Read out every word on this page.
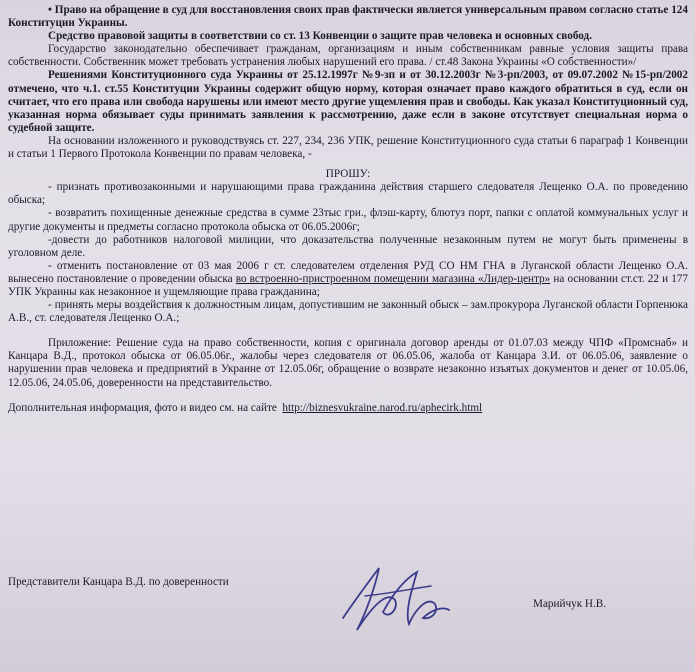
• Право на обращение в суд для восстановления своих прав фактически является универсальным правом согласно статье 124 Конституции Украины.

Средство правовой защиты в соответствии со ст. 13 Конвенции о защите прав человека и основных свобод.

Государство законодательно обеспечивает гражданам, организациям и иным собственникам равные условия защиты права собственности. Собственник может требовать устранения любых нарушений его права. / ст.48 Закона Украины «О собственности»/

Решениями Конституционного суда Украины от 25.12.1997г №9-зп и от 30.12.2003г №3-рп/2003, от 09.07.2002 №15-рп/2002 отмечено, что ч.1. ст.55 Конституции Украины содержит общую норму, которая означает право каждого обратиться в суд, если он считает, что его права или свобода нарушены или имеют место другие ущемления прав и свободы. Как указал Конституционный суд, указанная норма обязывает суды принимать заявления к рассмотрению, даже если в законе отсутствует специальная норма о судебной защите.

На основании изложенного и руководствуясь ст. 227, 234, 236 УПК, решение Конституционного суда статьи 6 параграф 1 Конвенции и статьи 1 Первого Протокола Конвенции по правам человека, -

ПРОШУ:

- признать противозаконными и нарушающими права гражданина действия старшего следователя Лещенко О.А. по проведению обыска;

- возвратить похищенные денежные средства в сумме 23тыс гри., флэш-карту, блютуз порт, папки с оплатой коммунальных услуг и другие документы и предметы согласно протокола обыска от 06.05.2006г;

-довести до работников налоговой милиции, что доказательства полученные незаконным путем не могут быть применены в уголовном деле.

- отменить постановление от 03 мая 2006 г ст. следователем отделения РУД СО НМ ГНА в Луганской области Лещенко О.А. вынесено постановление о проведении обыска во встроенно-пристроенном помещении магазина «Лидер-центр» на основании ст.ст. 22 и 177 УПК Украины как незаконное и ущемляющие права гражданина;

- принять меры воздействия к должностным лицам, допустившим не законный обыск – зам.прокурора Луганской области Горпенюка А.В., ст. следователя Лещенко О.А.;

Приложение: Решение суда на право собственности, копия с оригинала договор аренды от 01.07.03 между ЧПФ «Промснаб» и Канцара В.Д., протокол обыска от 06.05.06г., жалобы через следователя от 06.05.06, жалоба от Канцара З.И. от 06.05.06, заявление о нарушении прав человека и предприятий в Украине от 12.05.06г, обращение о возврате незаконно изъятых документов и денег от 10.05.06, 12.05.06, 24.05.06, доверенности на представительство.

Дополнительная информация, фото и видео см. на сайте http://biznesvukraine.narod.ru/aphecirk.html

Представители Канцара В.Д. по доверенности
Марийчук Н.В.
